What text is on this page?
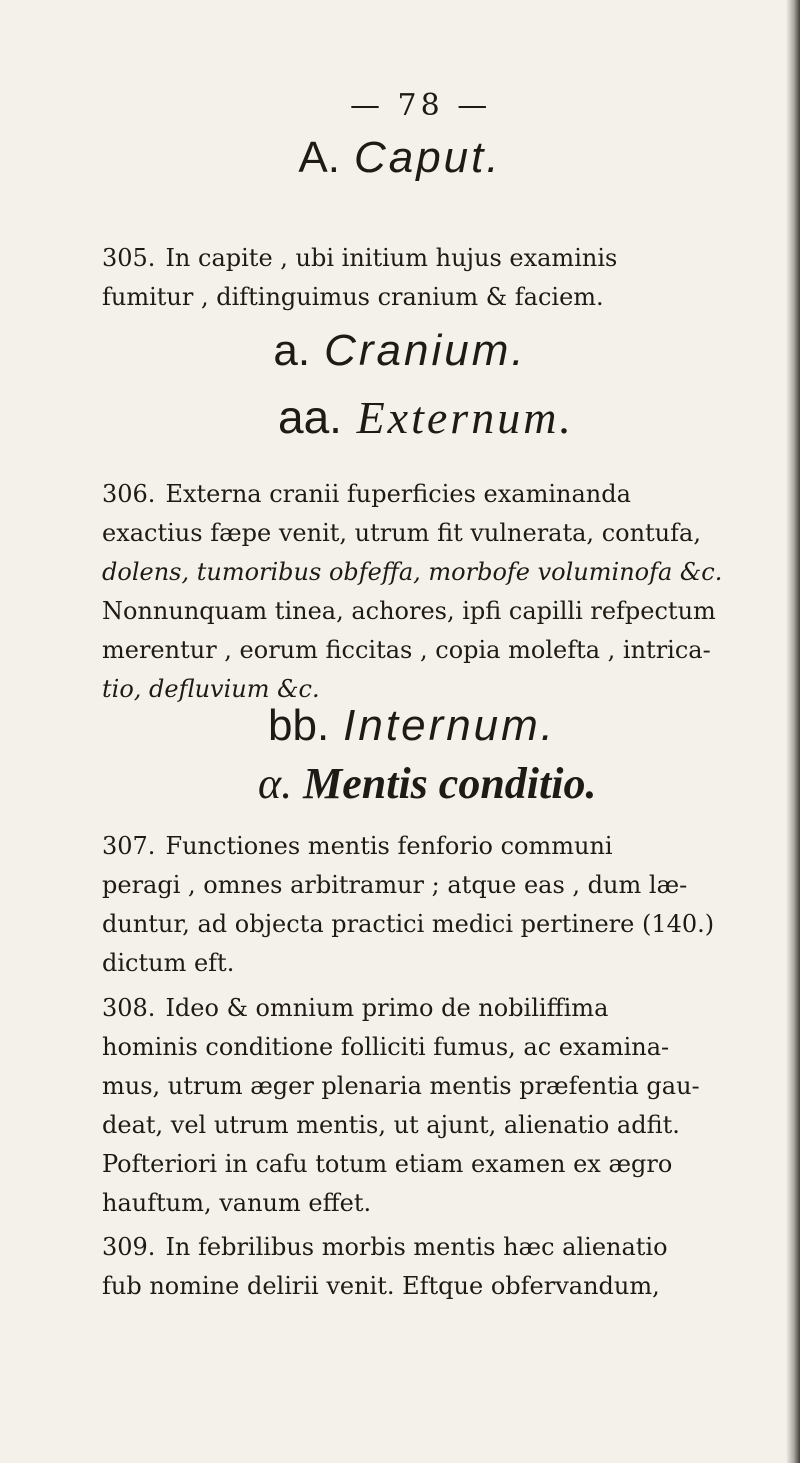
— 78 —
A. Caput.
305. In capite , ubi initium hujus examinis
fumitur , diftinguimus cranium & faciem.
a. Cranium.
aa. Externum.
306. Externa cranii fuperficies examinanda
exactius fæpe venit, utrum fit vulnerata, contufa,
dolens, tumoribus obfeffa, morbofe voluminofa &c.
Nonnunquam tinea, achores, ipfi capilli refpectum
merentur , eorum ficcitas , copia molefta , intrica-
tio, defluvium &c.
bb. Internum.
α. Mentis conditio.
307. Functiones mentis fenforio communi
peragi , omnes arbitramur ; atque eas , dum læ-
duntur, ad objecta practici medici pertinere (140.)
dictum eft.
308. Ideo & omnium primo de nobiliffima
hominis conditione folliciti fumus, ac examina-
mus, utrum æger plenaria mentis præfentia gau-
deat, vel utrum mentis, ut ajunt, alienatio adfit.
Pofteriori in cafu totum etiam examen ex ægro
hauftum, vanum effet.
309. In febrilibus morbis mentis hæc alienatio
fub nomine delirii venit. Eftque obfervandum,
